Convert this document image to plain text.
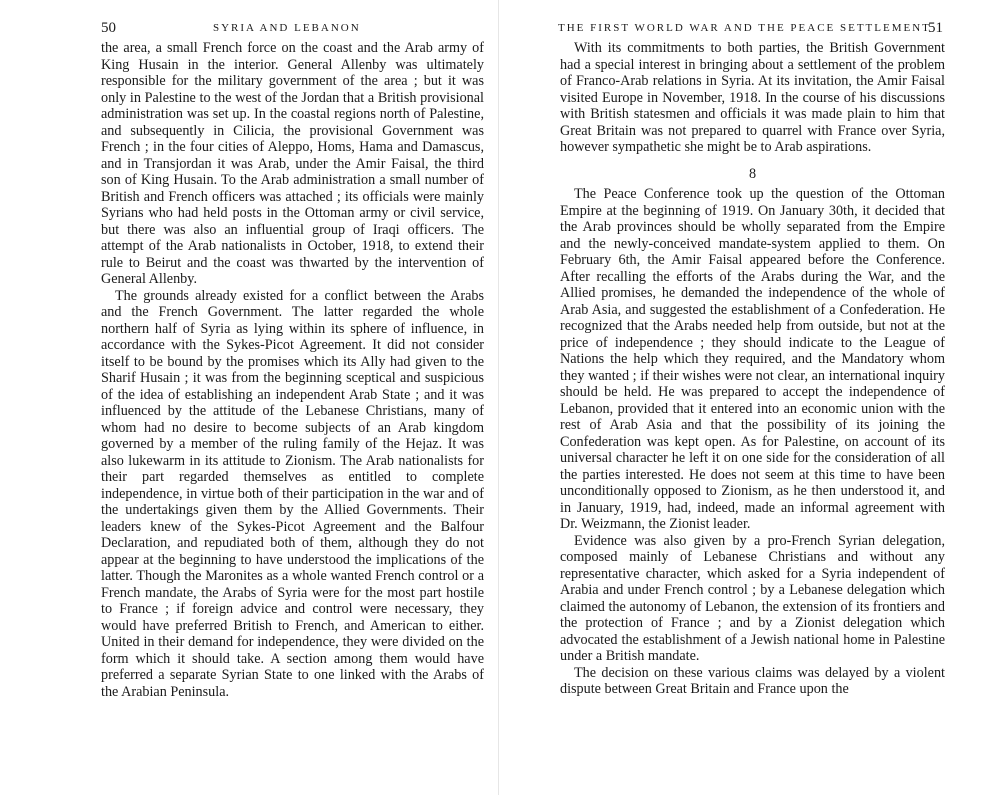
50	SYRIA AND LEBANON

the area, a small French force on the coast and the Arab army of King Husain in the interior. General Allenby was ultimately responsible for the military government of the area ; but it was only in Palestine to the west of the Jordan that a British provisional administration was set up. In the coastal regions north of Palestine, and subsequently in Cilicia, the provisional Government was French ; in the four cities of Aleppo, Homs, Hama and Damascus, and in Transjordan it was Arab, under the Amir Faisal, the third son of King Husain. To the Arab administration a small number of British and French officers was attached ; its officials were mainly Syrians who had held posts in the Ottoman army or civil service, but there was also an influential group of Iraqi officers. The attempt of the Arab nationalists in October, 1918, to extend their rule to Beirut and the coast was thwarted by the intervention of General Allenby.

The grounds already existed for a conflict between the Arabs and the French Government. The latter regarded the whole northern half of Syria as lying within its sphere of influence, in accordance with the Sykes-Picot Agreement. It did not consider itself to be bound by the promises which its Ally had given to the Sharif Husain ; it was from the beginning sceptical and suspicious of the idea of establishing an independent Arab State ; and it was influenced by the attitude of the Lebanese Christians, many of whom had no desire to become subjects of an Arab kingdom governed by a member of the ruling family of the Hejaz. It was also lukewarm in its attitude to Zionism. The Arab nationalists for their part regarded themselves as entitled to complete independence, in virtue both of their participation in the war and of the undertakings given them by the Allied Governments. Their leaders knew of the Sykes-Picot Agreement and the Balfour Declaration, and repudiated both of them, although they do not appear at the beginning to have understood the implications of the latter. Though the Maronites as a whole wanted French control or a French mandate, the Arabs of Syria were for the most part hostile to France ; if foreign advice and control were necessary, they would have preferred British to French, and American to either. United in their demand for independence, they were divided on the form which it should take. A section among them would have preferred a separate Syrian State to one linked with the Arabs of the Arabian Peninsula.

THE FIRST WORLD WAR AND THE PEACE SETTLEMENT
51

With its commitments to both parties, the British Government had a special interest in bringing about a settlement of the problem of Franco-Arab relations in Syria. At its invitation, the Amir Faisal visited Europe in November, 1918. In the course of his discussions with British statesmen and officials it was made plain to him that Great Britain was not prepared to quarrel with France over Syria, however sympathetic she might be to Arab aspirations.

8

The Peace Conference took up the question of the Ottoman Empire at the beginning of 1919. On January 30th, it decided that the Arab provinces should be wholly separated from the Empire and the newly-conceived mandate-system applied to them. On February 6th, the Amir Faisal appeared before the Conference. After recalling the efforts of the Arabs during the War, and the Allied promises, he demanded the independence of the whole of Arab Asia, and suggested the establishment of a Confederation. He recognized that the Arabs needed help from outside, but not at the price of independence ; they should indicate to the League of Nations the help which they required, and the Mandatory whom they wanted ; if their wishes were not clear, an international inquiry should be held. He was prepared to accept the independence of Lebanon, provided that it entered into an economic union with the rest of Arab Asia and that the possibility of its joining the Confederation was kept open. As for Palestine, on account of its universal character he left it on one side for the consideration of all the parties interested. He does not seem at this time to have been unconditionally opposed to Zionism, as he then understood it, and in January, 1919, had, indeed, made an informal agreement with Dr. Weizmann, the Zionist leader.

Evidence was also given by a pro-French Syrian delegation, composed mainly of Lebanese Christians and without any representative character, which asked for a Syria independent of Arabia and under French control ; by a Lebanese delegation which claimed the autonomy of Lebanon, the extension of its frontiers and the protection of France ; and by a Zionist delegation which advocated the establishment of a Jewish national home in Palestine under a British mandate.

The decision on these various claims was delayed by a violent dispute between Great Britain and France upon the
